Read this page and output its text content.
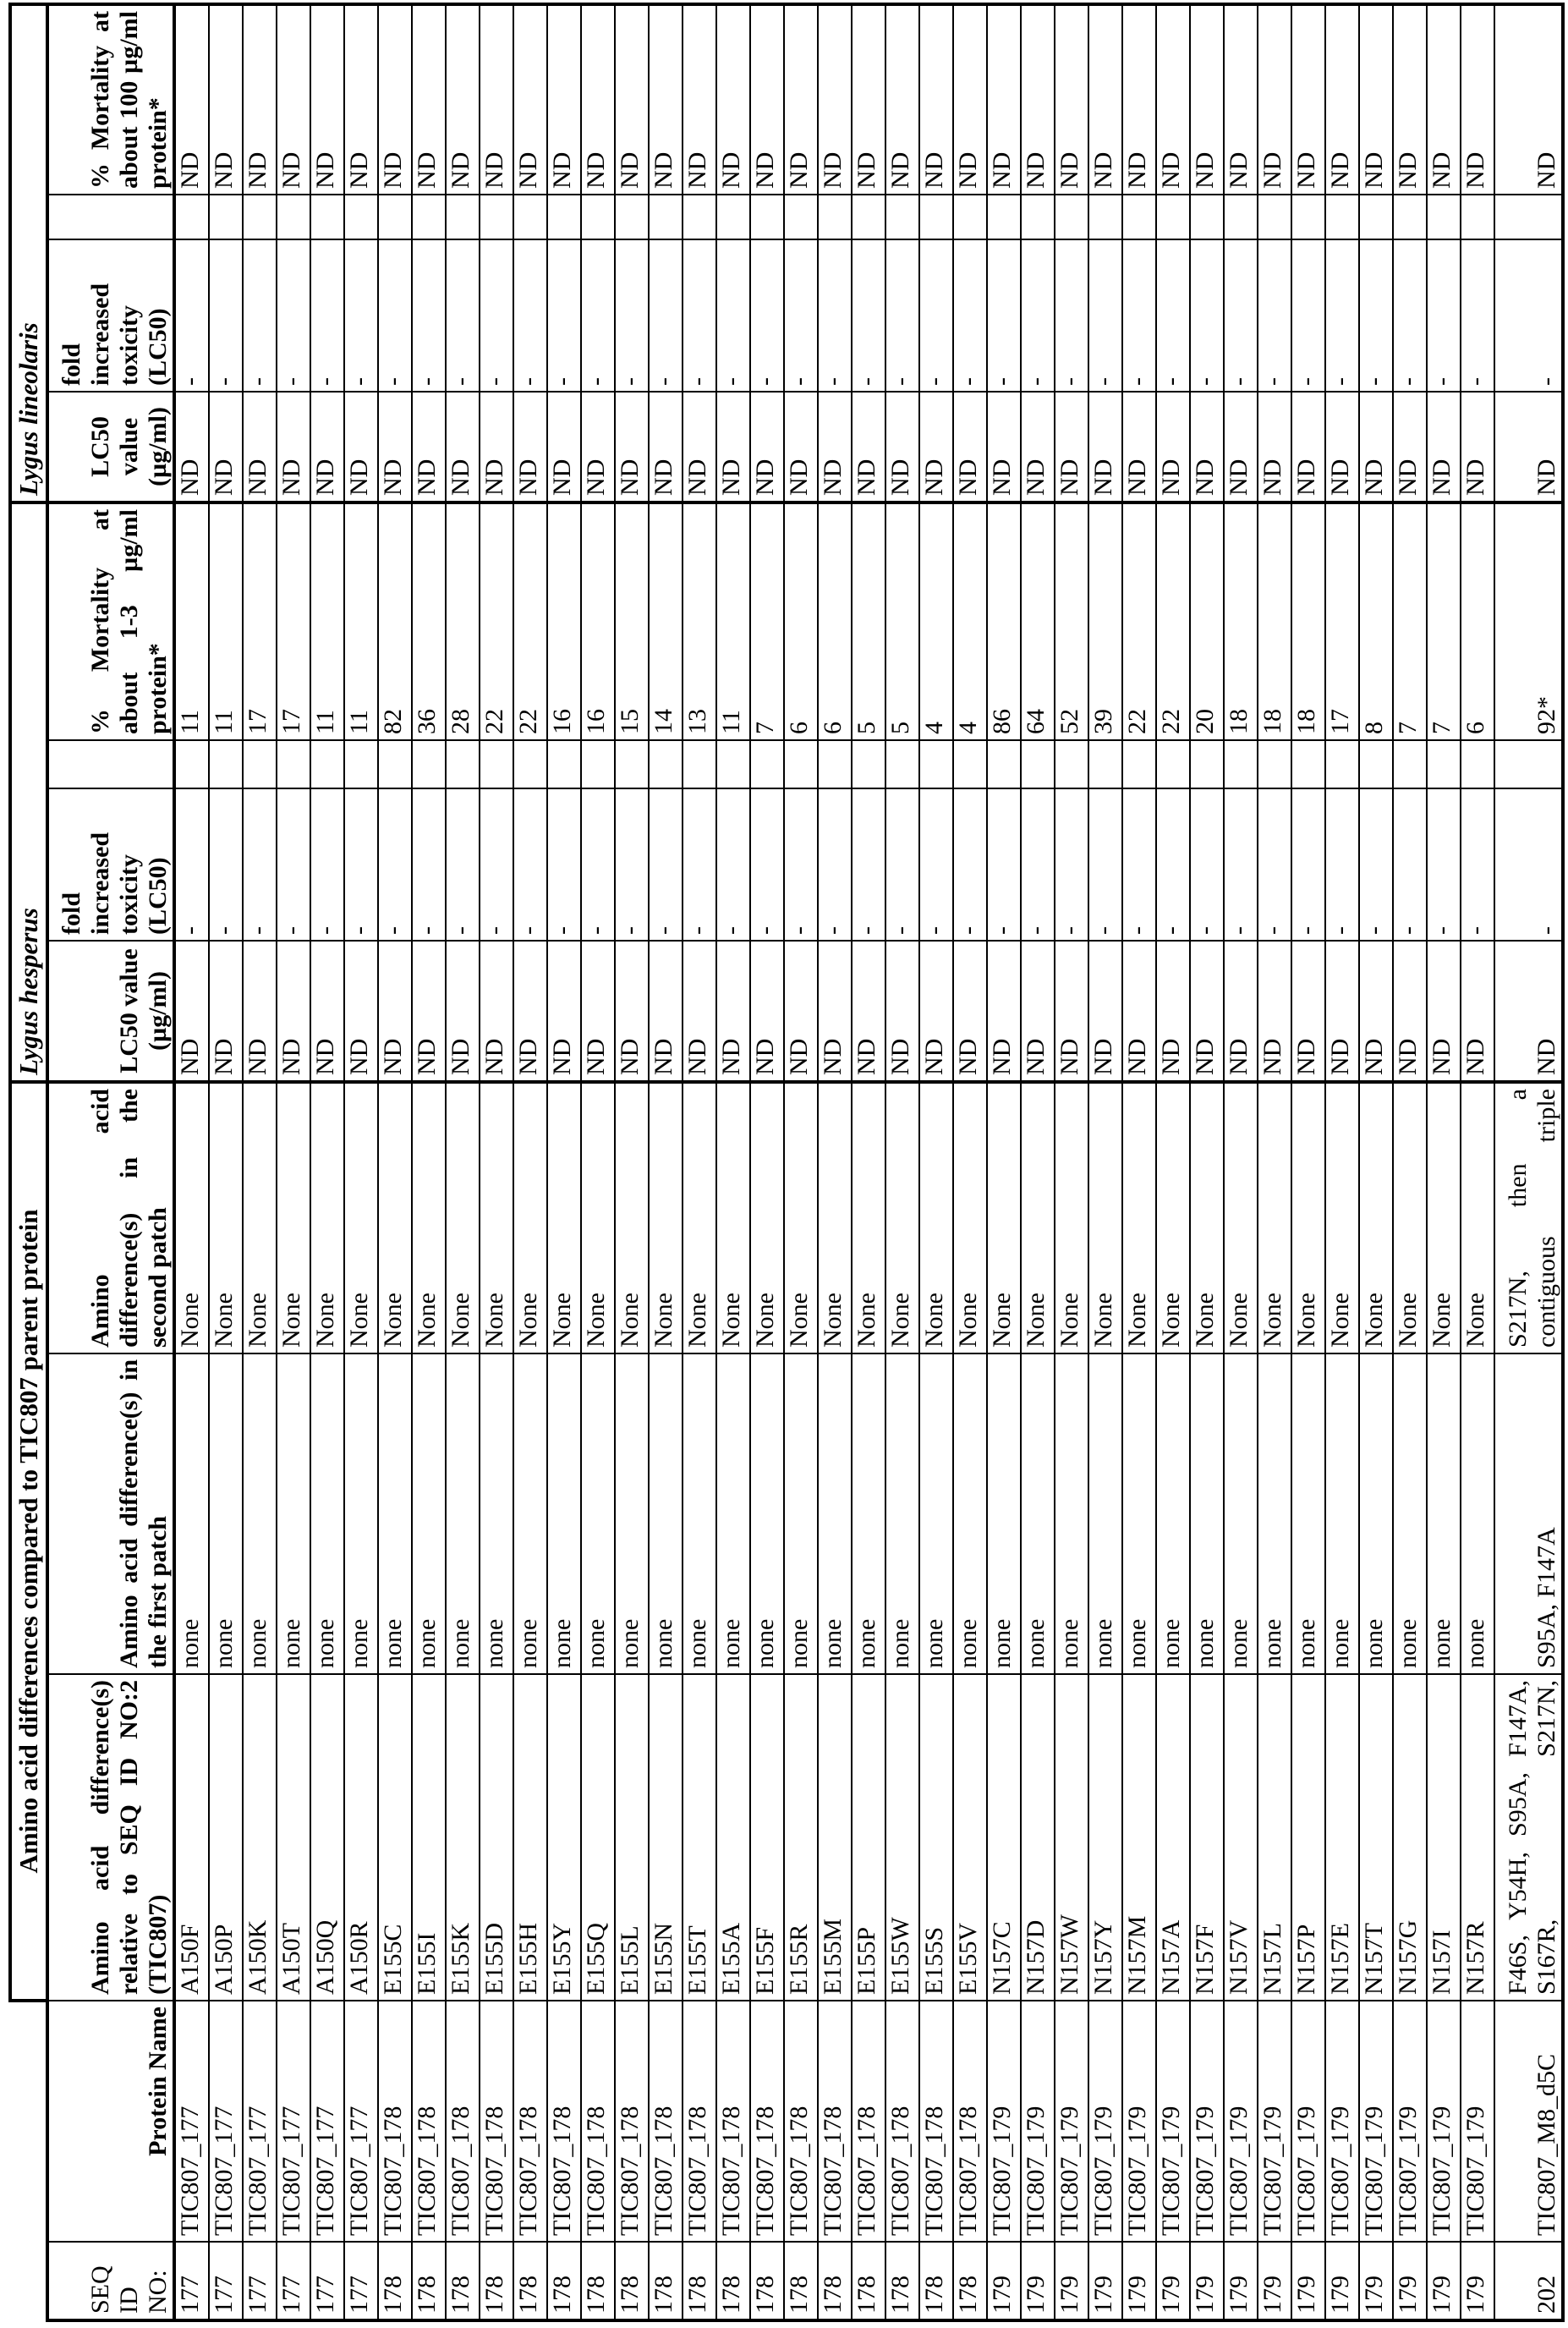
	Amino acid differences compared to TIC807 parent protein	Lygus hesperus	Lygus lineolaris
SEQ ID NO:	Protein Name	Amino acid difference(s) relative to SEQ ID NO:2 (TIC807)	Amino acid difference(s) in the first patch	Amino acid difference(s) in the second patch	LC50 value (µg/ml)	fold increased toxicity (LC50)		% Mortality at about 1-3 µg/ml protein*	LC50 value (µg/ml)	fold increased toxicity (LC50)		% Mortality at about 100 µg/ml protein*
177	TIC807_177	A150F	none	None	ND	-		11	ND	-		ND
177	TIC807_177	A150P	none	None	ND	-		11	ND	-		ND
177	TIC807_177	A150K	none	None	ND	-		17	ND	-		ND
177	TIC807_177	A150T	none	None	ND	-		17	ND	-		ND
177	TIC807_177	A150Q	none	None	ND	-		11	ND	-		ND
177	TIC807_177	A150R	none	None	ND	-		11	ND	-		ND
178	TIC807_178	E155C	none	None	ND	-		82	ND	-		ND
178	TIC807_178	E155I	none	None	ND	-		36	ND	-		ND
178	TIC807_178	E155K	none	None	ND	-		28	ND	-		ND
178	TIC807_178	E155D	none	None	ND	-		22	ND	-		ND
178	TIC807_178	E155H	none	None	ND	-		22	ND	-		ND
178	TIC807_178	E155Y	none	None	ND	-		16	ND	-		ND
178	TIC807_178	E155Q	none	None	ND	-		16	ND	-		ND
178	TIC807_178	E155L	none	None	ND	-		15	ND	-		ND
178	TIC807_178	E155N	none	None	ND	-		14	ND	-		ND
178	TIC807_178	E155T	none	None	ND	-		13	ND	-		ND
178	TIC807_178	E155A	none	None	ND	-		11	ND	-		ND
178	TIC807_178	E155F	none	None	ND	-		7	ND	-		ND
178	TIC807_178	E155R	none	None	ND	-		6	ND	-		ND
178	TIC807_178	E155M	none	None	ND	-		6	ND	-		ND
178	TIC807_178	E155P	none	None	ND	-		5	ND	-		ND
178	TIC807_178	E155W	none	None	ND	-		5	ND	-		ND
178	TIC807_178	E155S	none	None	ND	-		4	ND	-		ND
178	TIC807_178	E155V	none	None	ND	-		4	ND	-		ND
179	TIC807_179	N157C	none	None	ND	-		86	ND	-		ND
179	TIC807_179	N157D	none	None	ND	-		64	ND	-		ND
179	TIC807_179	N157W	none	None	ND	-		52	ND	-		ND
179	TIC807_179	N157Y	none	None	ND	-		39	ND	-		ND
179	TIC807_179	N157M	none	None	ND	-		22	ND	-		ND
179	TIC807_179	N157A	none	None	ND	-		22	ND	-		ND
179	TIC807_179	N157F	none	None	ND	-		20	ND	-		ND
179	TIC807_179	N157V	none	None	ND	-		18	ND	-		ND
179	TIC807_179	N157L	none	None	ND	-		18	ND	-		ND
179	TIC807_179	N157P	none	None	ND	-		18	ND	-		ND
179	TIC807_179	N157E	none	None	ND	-		17	ND	-		ND
179	TIC807_179	N157T	none	None	ND	-		8	ND	-		ND
179	TIC807_179	N157G	none	None	ND	-		7	ND	-		ND
179	TIC807_179	N157I	none	None	ND	-		7	ND	-		ND
179	TIC807_179	N157R	none	None	ND	-		6	ND	-		ND
202	TIC807_M8_d5C	F46S, Y54H, S95A, F147A, S167R, S217N,	S95A, F147A	S217N, then a contiguous triple	ND	-		92*	ND	-		ND
